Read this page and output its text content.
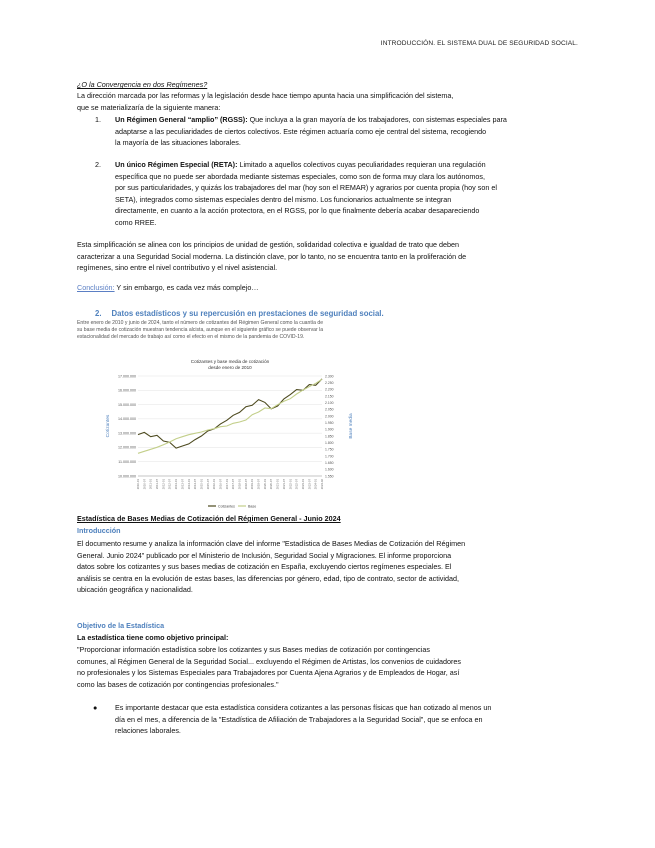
INTRODUCCIÓN. EL SISTEMA DUAL DE SEGURIDAD SOCIAL.
¿O la Convergencia en dos Regímenes?
La dirección marcada por las reformas y la legislación desde hace tiempo apunta hacia una simplificación del sistema,
que se materializaría de la siguiente manera:
1. Un Régimen General “amplio” (RGSS): Que incluya a la gran mayoría de los trabajadores, con sistemas especiales para
adaptarse a las peculiaridades de ciertos colectivos. Este régimen actuaría como eje central del sistema, recogiendo
la mayoría de las situaciones laborales.
2. Un único Régimen Especial (RETA): Limitado a aquellos colectivos cuyas peculiaridades requieran una regulación
específica que no puede ser abordada mediante sistemas especiales, como son de forma muy clara los autónomos,
por sus particularidades, y quizás los trabajadores del mar (hoy son el REMAR) y agrarios por cuenta propia (hoy son el
SETA), integrados como sistemas especiales dentro del mismo. Los funcionarios actualmente se integran
directamente, en cuanto a la acción protectora, en el RGSS, por lo que finalmente debería acabar desapareciendo
como RREE.
Esta simplificación se alinea con los principios de unidad de gestión, solidaridad colectiva e igualdad de trato que deben
caracterizar a una Seguridad Social moderna. La distinción clave, por lo tanto, no se encuentra tanto en la proliferación de
regímenes, sino entre el nivel contributivo y el nivel asistencial.
Conclusión: Y sin embargo, es cada vez más complejo…
2. Datos estadísticos y su repercusión en prestaciones de seguridad social.
Entre enero de 2010 y junio de 2024, tanto el número de cotizantes del Régimen General como la cuantía de
su base media de cotización muestran tendencia alcista, aunque en el siguiente gráfico se puede observar la
estacionalidad del mercado de trabajo así como el efecto en el mismo de la pandemia de COVID-19.
Cotizantes y base media de cotización
desde enero de 2010
17.000.000
16.000.000
15.000.000
14.000.000
13.000.000
12.000.000
11.000.000
10.000.000
2.300
2.250
2.200
2.150
2.100
2.050
2.000
1.950
1.900
1.850
1.800
1.750
1.700
1.650
1.600
1.550
Cotizantes	Base media
2010-01 2010-07 2011-01 2011-07 2012-01 2012-07 2013-01 2013-07 2014-01 2014-07 2015-01 2015-07 2016-01 2016-07 2017-01 2017-07 2018-01 2018-07 2019-01 2019-07 2020-01 2020-07 2021-01 2021-07 2022-01 2022-07 2023-01 2023-07 2024-01 2024-06
Cotizantes	Base
Estadística de Bases Medias de Cotización del Régimen General - Junio 2024
Introducción
El documento resume y analiza la información clave del informe "Estadística de Bases Medias de Cotización del Régimen
General. Junio 2024" publicado por el Ministerio de Inclusión, Seguridad Social y Migraciones. El informe proporciona
datos sobre los cotizantes y sus bases medias de cotización en España, excluyendo ciertos regímenes especiales. El
análisis se centra en la evolución de estas bases, las diferencias por género, edad, tipo de contrato, sector de actividad,
ubicación geográfica y nacionalidad.
Objetivo de la Estadística
La estadística tiene como objetivo principal:
"Proporcionar información estadística sobre los cotizantes y sus Bases medias de cotización por contingencias
comunes, al Régimen General de la Seguridad Social... excluyendo el Régimen de Artistas, los convenios de cuidadores
no profesionales y los Sistemas Especiales para Trabajadores por Cuenta Ajena Agrarios y de Empleados de Hogar, así
como las bases de cotización por contingencias profesionales."
● Es importante destacar que esta estadística considera cotizantes a las personas físicas que han cotizado al menos un
día en el mes, a diferencia de la "Estadística de Afiliación de Trabajadores a la Seguridad Social", que se enfoca en
relaciones laborales.
